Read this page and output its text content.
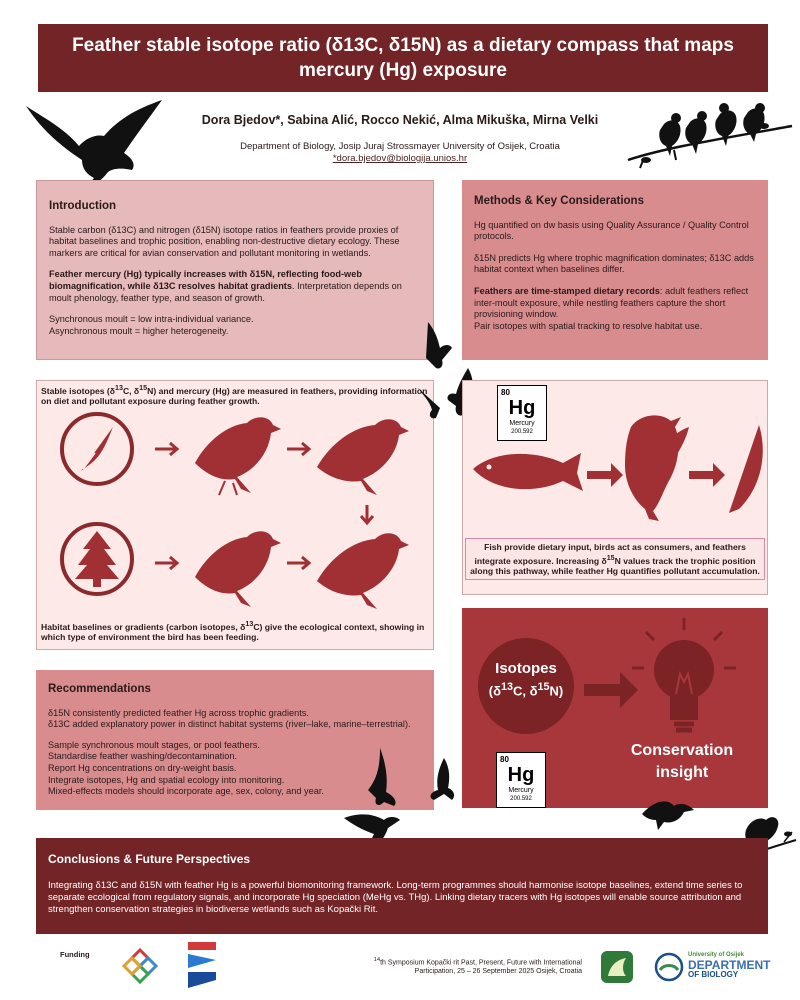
Feather stable isotope ratio (δ13C, δ15N) as a dietary compass that maps mercury (Hg) exposure
Dora Bjedov*, Sabina Alić, Rocco Nekić, Alma Mikuška, Mirna Velki
Department of Biology, Josip Juraj Strossmayer University of Osijek, Croatia
*dora.bjedov@biologija.unios.hr
Introduction

Stable carbon (δ13C) and nitrogen (δ15N) isotope ratios in feathers provide proxies of habitat baselines and trophic position, enabling non-destructive dietary ecology. These markers are critical for avian conservation and pollutant monitoring in wetlands.

Feather mercury (Hg) typically increases with δ15N, reflecting food-web biomagnification, while δ13C resolves habitat gradients. Interpretation depends on moult phenology, feather type, and season of growth.

Synchronous moult = low intra-individual variance.
Asynchronous moult = higher heterogeneity.

Methods & Key Considerations

Hg quantified on dw basis using Quality Assurance / Quality Control protocols.

δ15N predicts Hg where trophic magnification dominates; δ13C adds habitat context when baselines differ.

Feathers are time-stamped dietary records: adult feathers reflect inter-moult exposure, while nestling feathers capture the short provisioning window.

Pair isotopes with spatial tracking to resolve habitat use.

Stable isotopes ($\delta^{13}C$, $\delta^{15}N$) and mercury (Hg) are measured in feathers, providing information on diet and pollutant exposure during feather growth.
Habitat baselines or gradients (carbon isotopes, $\delta^{13}C$) give the ecological context, showing in which type of environment the bird has been feeding.
80
Hg
Mercury
200.592
Fish provide dietary input, birds act as consumers, and feathers integrate exposure. Increasing $\delta^{15}N$ values track the trophic position along this pathway, while feather Hg quantifies pollutant accumulation.
Isotopes
($\delta^{13}C$, $\delta^{15}N$)
Conservation
insight
80
Hg
Mercury
200.592
Recommendations

δ15N consistently predicted feather Hg across trophic gradients.
δ13C added explanatory power in distinct habitat systems (river–lake, marine–terrestrial).

Sample synchronous moult stages, or pool feathers.
Standardise feather washing/decontamination.
Report Hg concentrations on dry-weight basis.
Integrate isotopes, Hg and spatial ecology into monitoring.
Mixed-effects models should incorporate age, sex, colony, and year.

Conclusions & Future Perspectives

Integrating δ13C and δ15N with feather Hg is a powerful biomonitoring framework. Long-term programmes should harmonise isotope baselines, extend time series to separate ecological from regulatory signals, and incorporate Hg speciation (MeHg vs. THg). Linking dietary tracers with Hg isotopes will enable source attribution and strengthen conservation strategies in biodiverse wetlands such as Kopački Rit.

Funding
$^{14}$th Symposium Kopački rit Past, Present, Future with International Participation, 25 – 26 September 2025 Osijek, Croatia
University of Osijek
DEPARTMENT
OF BIOLOGY
